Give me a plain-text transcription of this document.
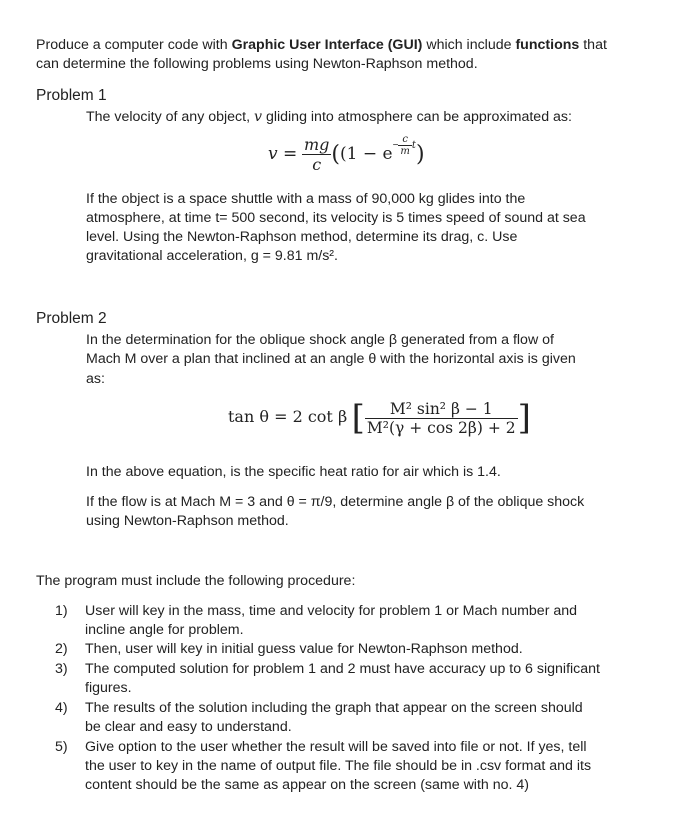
Produce a computer code with Graphic User Interface (GUI) which include functions that
can determine the following problems using Newton-Raphson method.
Problem 1
The velocity of any object, v gliding into atmosphere can be approximated as:
$v = \frac{mg}{c} ((1 - e^{- \frac{c}{m} t})$
If the object is a space shuttle with a mass of 90,000 kg glides into the
atmosphere, at time t= 500 second, its velocity is 5 times speed of sound at sea
level. Using the Newton-Raphson method, determine its drag, c. Use
gravitational acceleration, g = 9.81 m/s².
Problem 2
In the determination for the oblique shock angle β generated from a flow of
Mach M over a plan that inclined at an angle θ with the horizontal axis is given
as:
tan θ = 2 cot β [ $\frac{\text{M² sin² β − 1}}{\text{M²(γ + cos 2β) + 2}}$ ]
In the above equation, is the specific heat ratio for air which is 1.4.
If the flow is at Mach M = 3 and θ = π/9, determine angle β of the oblique shock
using Newton-Raphson method.
The program must include the following procedure:
1) User will key in the mass, time and velocity for problem 1 or Mach number and
incline angle for problem.
2) Then, user will key in initial guess value for Newton-Raphson method.
3) The computed solution for problem 1 and 2 must have accuracy up to 6 significant
figures.
4) The results of the solution including the graph that appear on the screen should
be clear and easy to understand.
5) Give option to the user whether the result will be saved into file or not. If yes, tell
the user to key in the name of output file. The file should be in .csv format and its
content should be the same as appear on the screen (same with no. 4)
